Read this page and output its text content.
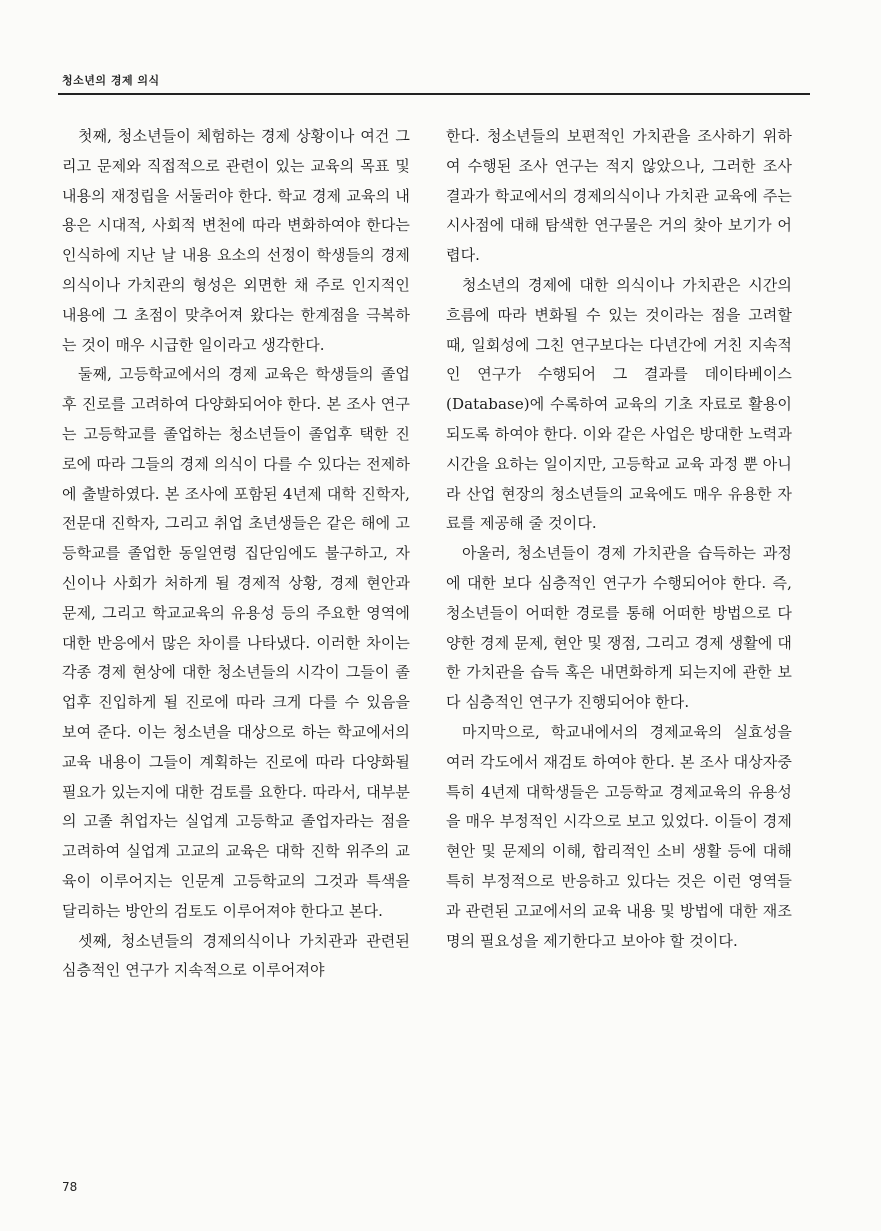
청소년의 경제 의식

첫째, 청소년들이 체험하는 경제 상황이나 여건 그리고 문제와 직접적으로 관련이 있는 교육의 목표 및 내용의 재정립을 서둘러야 한다. 학교 경제 교육의 내용은 시대적, 사회적 변천에 따라 변화하여야 한다는 인식하에 지난 날 내용 요소의 선정이 학생들의 경제의식이나 가치관의 형성은 외면한 채 주로 인지적인 내용에 그 초점이 맞추어져 왔다는 한계점을 극복하는 것이 매우 시급한 일이라고 생각한다.

둘째, 고등학교에서의 경제 교육은 학생들의 졸업 후 진로를 고려하여 다양화되어야 한다. 본 조사 연구는 고등학교를 졸업하는 청소년들이 졸업후 택한 진로에 따라 그들의 경제 의식이 다를 수 있다는 전제하에 출발하였다. 본 조사에 포함된 4년제 대학 진학자, 전문대 진학자, 그리고 취업 초년생들은 같은 해에 고등학교를 졸업한 동일연령 집단임에도 불구하고, 자신이나 사회가 처하게 될 경제적 상황, 경제 현안과 문제, 그리고 학교교육의 유용성 등의 주요한 영역에 대한 반응에서 많은 차이를 나타냈다. 이러한 차이는 각종 경제 현상에 대한 청소년들의 시각이 그들이 졸업후 진입하게 될 진로에 따라 크게 다를 수 있음을 보여 준다. 이는 청소년을 대상으로 하는 학교에서의 교육 내용이 그들이 계획하는 진로에 따라 다양화될 필요가 있는지에 대한 검토를 요한다. 따라서, 대부분의 고졸 취업자는 실업계 고등학교 졸업자라는 점을 고려하여 실업계 고교의 교육은 대학 진학 위주의 교육이 이루어지는 인문계 고등학교의 그것과 특색을 달리하는 방안의 검토도 이루어져야 한다고 본다.

셋째, 청소년들의 경제의식이나 가치관과 관련된 심층적인 연구가 지속적으로 이루어져야

한다. 청소년들의 보편적인 가치관을 조사하기 위하여 수행된 조사 연구는 적지 않았으나, 그러한 조사 결과가 학교에서의 경제의식이나 가치관 교육에 주는 시사점에 대해 탐색한 연구물은 거의 찾아 보기가 어렵다.

청소년의 경제에 대한 의식이나 가치관은 시간의 흐름에 따라 변화될 수 있는 것이라는 점을 고려할 때, 일회성에 그친 연구보다는 다년간에 거친 지속적인 연구가 수행되어 그 결과를 데이타베이스(Database)에 수록하여 교육의 기초 자료로 활용이 되도록 하여야 한다. 이와 같은 사업은 방대한 노력과 시간을 요하는 일이지만, 고등학교 교육 과정 뿐 아니라 산업 현장의 청소년들의 교육에도 매우 유용한 자료를 제공해 줄 것이다.

아울러, 청소년들이 경제 가치관을 습득하는 과정에 대한 보다 심층적인 연구가 수행되어야 한다. 즉, 청소년들이 어떠한 경로를 통해 어떠한 방법으로 다양한 경제 문제, 현안 및 쟁점, 그리고 경제 생활에 대한 가치관을 습득 혹은 내면화하게 되는지에 관한 보다 심층적인 연구가 진행되어야 한다.

마지막으로, 학교내에서의 경제교육의 실효성을 여러 각도에서 재검토 하여야 한다. 본 조사 대상자중 특히 4년제 대학생들은 고등학교 경제교육의 유용성을 매우 부정적인 시각으로 보고 있었다. 이들이 경제 현안 및 문제의 이해, 합리적인 소비 생활 등에 대해 특히 부정적으로 반응하고 있다는 것은 이런 영역들과 관련된 고교에서의 교육 내용 및 방법에 대한 재조명의 필요성을 제기한다고 보아야 할 것이다.

78
